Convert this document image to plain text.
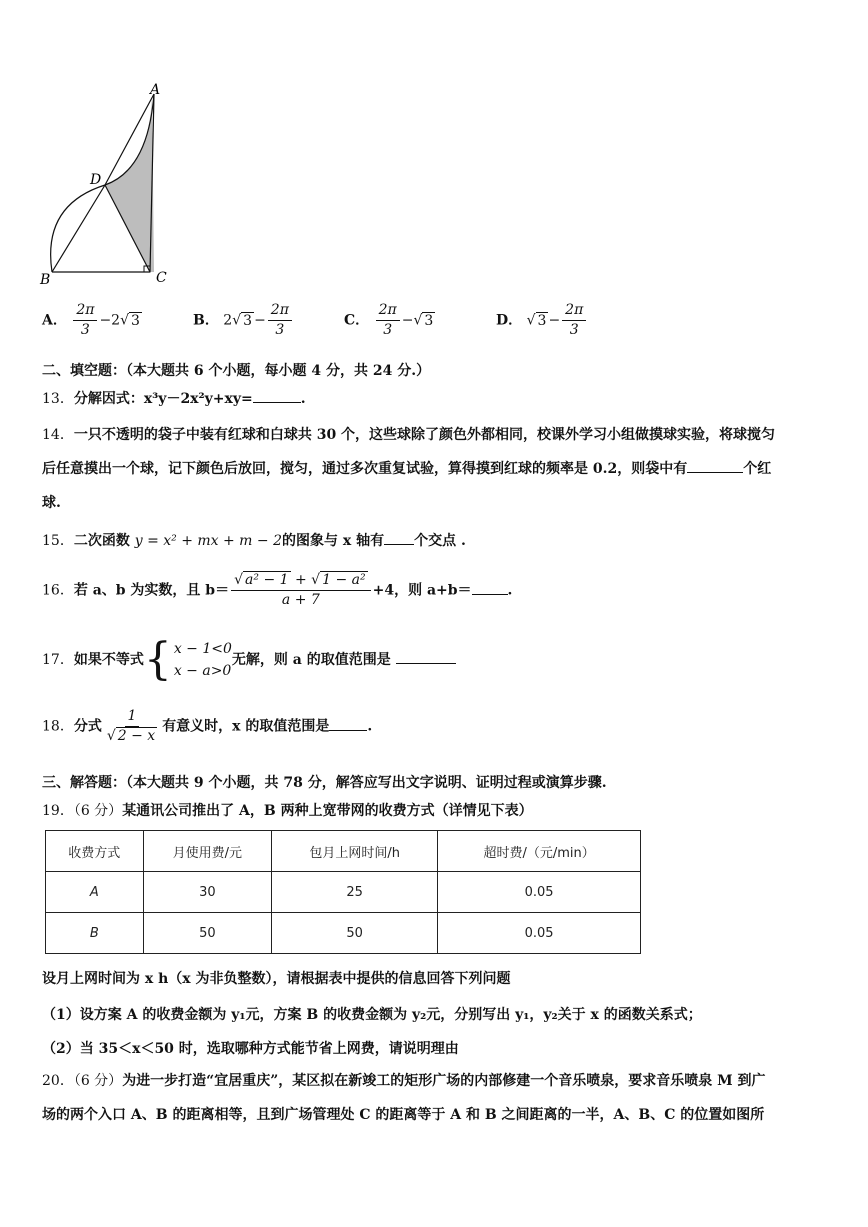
A
D
B	C
A． $\frac{2\pi}{3} -2√$ 3	B． 2√ $3 - \frac{2\pi}{3}$	C． $\frac{2\pi}{3}$ −√ 3	D． √ $3 - \frac{2\pi}{3}$
二、填空题：（本大题共 6 个小题，每小题 4 分，共 24 分.）
13．分解因式：x³y－2x²y+xy=	.
14．一只不透明的袋子中装有红球和白球共 30 个，这些球除了颜色外都相同，校课外学习小组做摸球实验，将球搅匀
后任意摸出一个球，记下颜色后放回，搅匀，通过多次重复试验，算得摸到红球的频率是 0.2，则袋中有	个红
球.
15．二次函数 y = x² + mx + m − 2的图象与 x 轴有 个交点 .
16．若 a、b 为实数，且 $b= \frac{\text{√ a² − 1 + √ 1 − a²}}{a + 7} +4$，则 a+b＝	.
17．如果不等式 { x − 1<0
x − a>0
无解，则 a 的取值范围是
18．分式 $\frac{1}{√ 2 - x}$ 有意义时，x 的取值范围是	.
三、解答题：（本大题共 9 个小题，共 78 分，解答应写出文字说明、证明过程或演算步骤.
19．（6 分）某通讯公司推出了 A，B 两种上宽带网的收费方式（详情见下表）
收费方式	月使用费/元	包月上网时间/h	超时费/（元/min）
A	30	25	0.05
B	50	50	0.05
设月上网时间为 x h（x 为非负整数），请根据表中提供的信息回答下列问题
（1）设方案 A 的收费金额为 y₁元，方案 B 的收费金额为 y₂元，分别写出 y₁，y₂关于 x 的函数关系式；
（2）当 35＜x＜50 时，选取哪种方式能节省上网费，请说明理由
20．（6 分）为进一步打造“宜居重庆”，某区拟在新竣工的矩形广场的内部修建一个音乐喷泉，要求音乐喷泉 M 到广
场的两个入口 A、B 的距离相等，且到广场管理处 C 的距离等于 A 和 B 之间距离的一半，A、B、C 的位置如图所
